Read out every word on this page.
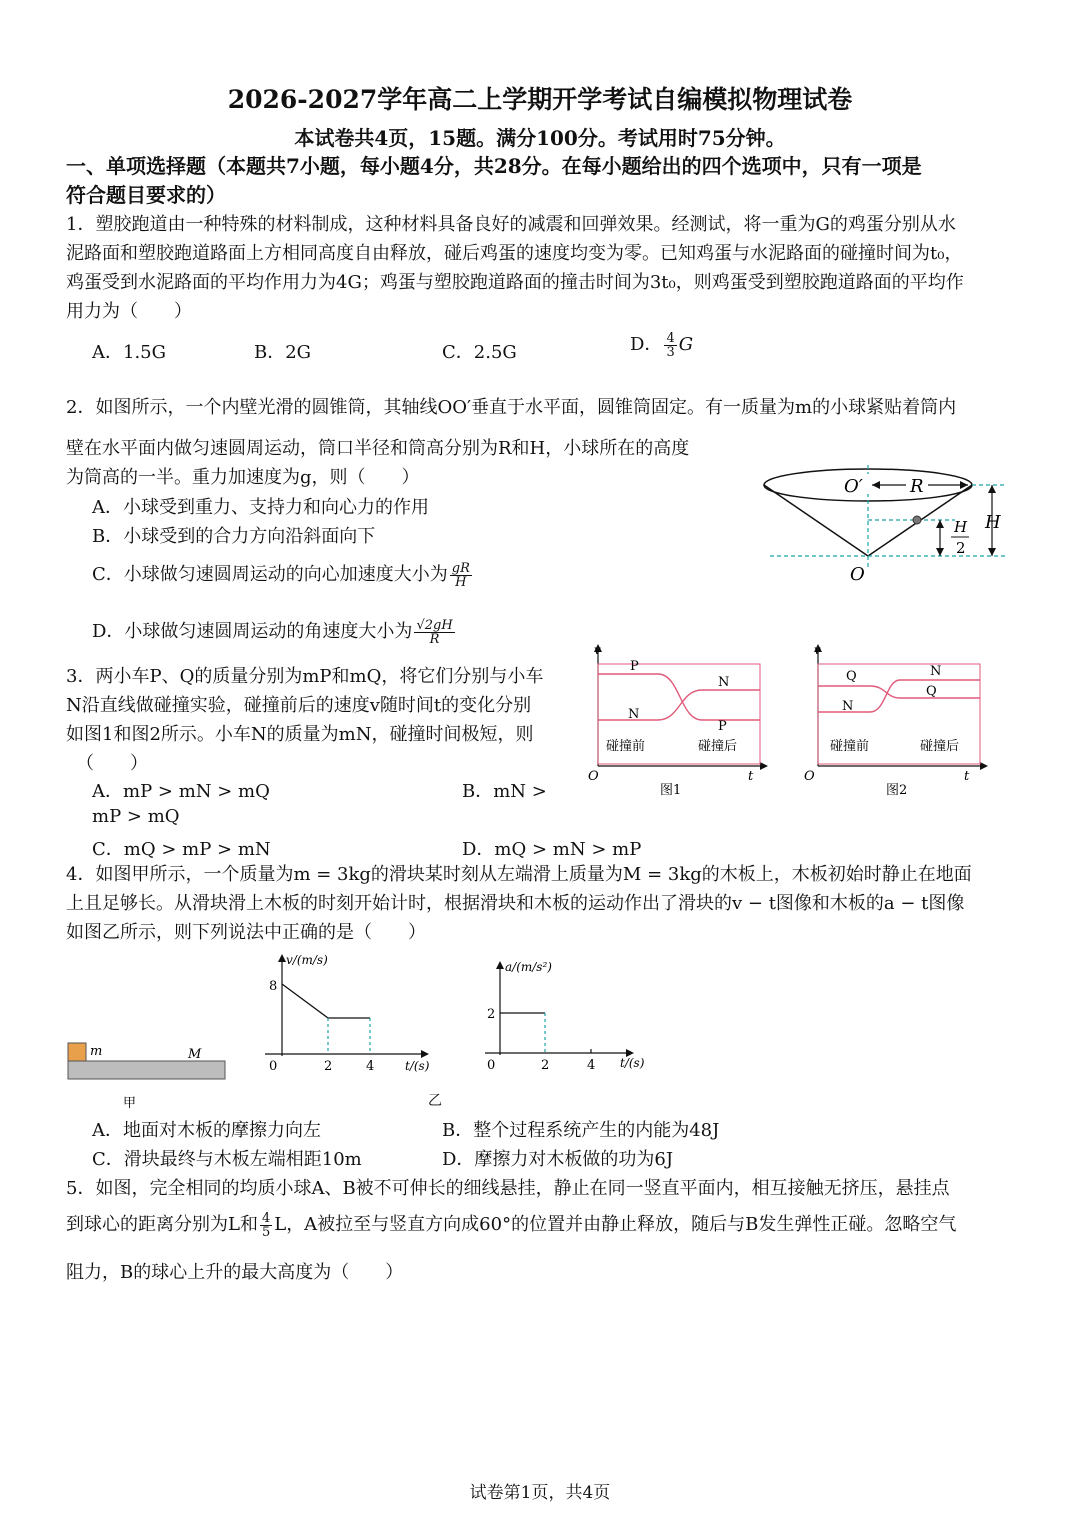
2026-2027学年高二上学期开学考试自编模拟物理试卷
本试卷共4页，15题。满分100分。考试用时75分钟。
一、单项选择题（本题共7小题，每小题4分，共28分。在每小题给出的四个选项中，只有一项是
符合题目要求的）
1．塑胶跑道由一种特殊的材料制成，这种材料具备良好的减震和回弹效果。经测试，将一重为G的鸡蛋分别从水
泥路面和塑胶跑道路面上方相同高度自由释放，碰后鸡蛋的速度均变为零。已知鸡蛋与水泥路面的碰撞时间为t₀，
鸡蛋受到水泥路面的平均作用力为4G；鸡蛋与塑胶跑道路面的撞击时间为3t₀，则鸡蛋受到塑胶跑道路面的平均作
用力为（　　）
A．1.5G	B．2G	C．2.5G	D． $\frac{4}{3}$ G
2．如图所示，一个内壁光滑的圆锥筒，其轴线OO′垂直于水平面，圆锥筒固定。有一质量为m的小球紧贴着筒内
壁在水平面内做匀速圆周运动，筒口半径和筒高分别为R和H，小球所在的高度
为筒高的一半。重力加速度为g，则（　　）
A．小球受到重力、支持力和向心力的作用
B．小球受到的合力方向沿斜面向下
C．小球做匀速圆周运动的向心加速度大小为 $\frac{gR}{H}$
D．小球做匀速圆周运动的角速度大小为 $\frac{√2gH}{R}$
O′	R
H
H
2
O
3．两小车P、Q的质量分别为mP和mQ，将它们分别与小车
N沿直线做碰撞实验，碰撞前后的速度v随时间t的变化分别
如图1和图2所示。小车N的质量为mN，碰撞时间极短，则
（　　）
A．mP > mN > mQ	B．mN >
mP > mQ
C．mQ > mP > mN	D．mQ > mN > mP
P
N
N
P
碰撞前	碰撞后
v
t
O
图1
Q
N
N
Q
碰撞前	碰撞后
v
t
O
图2
4．如图甲所示，一个质量为m = 3kg的滑块某时刻从左端滑上质量为M = 3kg的木板上，木板初始时静止在地面
上且足够长。从滑块滑上木板的时刻开始计时，根据滑块和木板的运动作出了滑块的v − t图像和木板的a − t图像
如图乙所示，则下列说法中正确的是（　　）
m	M
甲
v/(m/s)
8
0	2	4	t/(s)
a/(m/s²)
2
0	2	4 t/(s)
乙
A．地面对木板的摩擦力向左	B．整个过程系统产生的内能为48J
C．滑块最终与木板左端相距10m	D．摩擦力对木板做的功为6J
5．如图，完全相同的均质小球A、B被不可伸长的细线悬挂，静止在同一竖直平面内，相互接触无挤压，悬挂点
到球心的距离分别为L和 $\frac{4}{5}$ L，A被拉至与竖直方向成60°的位置并由静止释放，随后与B发生弹性正碰。忽略空气
阻力，B的球心上升的最大高度为（　　）
试卷第1页，共4页
